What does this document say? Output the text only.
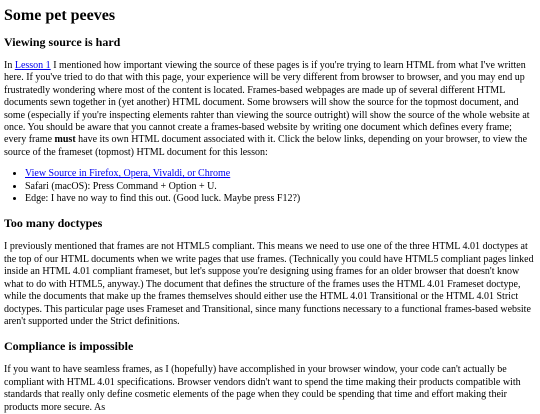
Some pet peeves
Viewing source is hard

In Lesson 1 I mentioned how important viewing the source of these pages is if you're trying to learn HTML from what I've written here. If you've tried to do that with this page, your experience will be very different from browser to browser, and you may end up frustratedly wondering where most of the content is located. Frames-based webpages are made up of several different HTML documents sewn together in (yet another) HTML document. Some browsers will show the source for the topmost document, and some (especially if you're inspecting elements rahter than viewing the source outright) will show the source of the whole website at once. You should be aware that you cannot create a frames-based website by writing one document which defines every frame; every frame must have its own HTML document associated with it. Click the below links, depending on your browser, to view the source of the frameset (topmost) HTML document for this lesson:

• View Source in Firefox, Opera, Vivaldi, or Chrome
• Safari (macOS): Press Command + Option + U.
• Edge: I have no way to find this out. (Good luck. Maybe press F12?)
Too many doctypes

I previously mentioned that frames are not HTML5 compliant. This means we need to use one of the three HTML 4.01 doctypes at the top of our HTML documents when we write pages that use frames. (Technically you could have HTML5 compliant pages linked inside an HTML 4.01 compliant frameset, but let's suppose you're designing using frames for an older browser that doesn't know what to do with HTML5, anyway.) The document that defines the structure of the frames uses the HTML 4.01 Frameset doctype, while the documents that make up the frames themselves should either use the HTML 4.01 Transitional or the HTML 4.01 Strict doctypes. This particular page uses Frameset and Transitional, since many functions necessary to a functional frames-based website aren't supported under the Strict definitions.

Compliance is impossible

If you want to have seamless frames, as I (hopefully) have accomplished in your browser window, your code can't actually be compliant with HTML 4.01 specifications. Browser vendors didn't want to spend the time making their products compatible with standards that really only define cosmetic elements of the page when they could be spending that time and effort making their products more secure. As
